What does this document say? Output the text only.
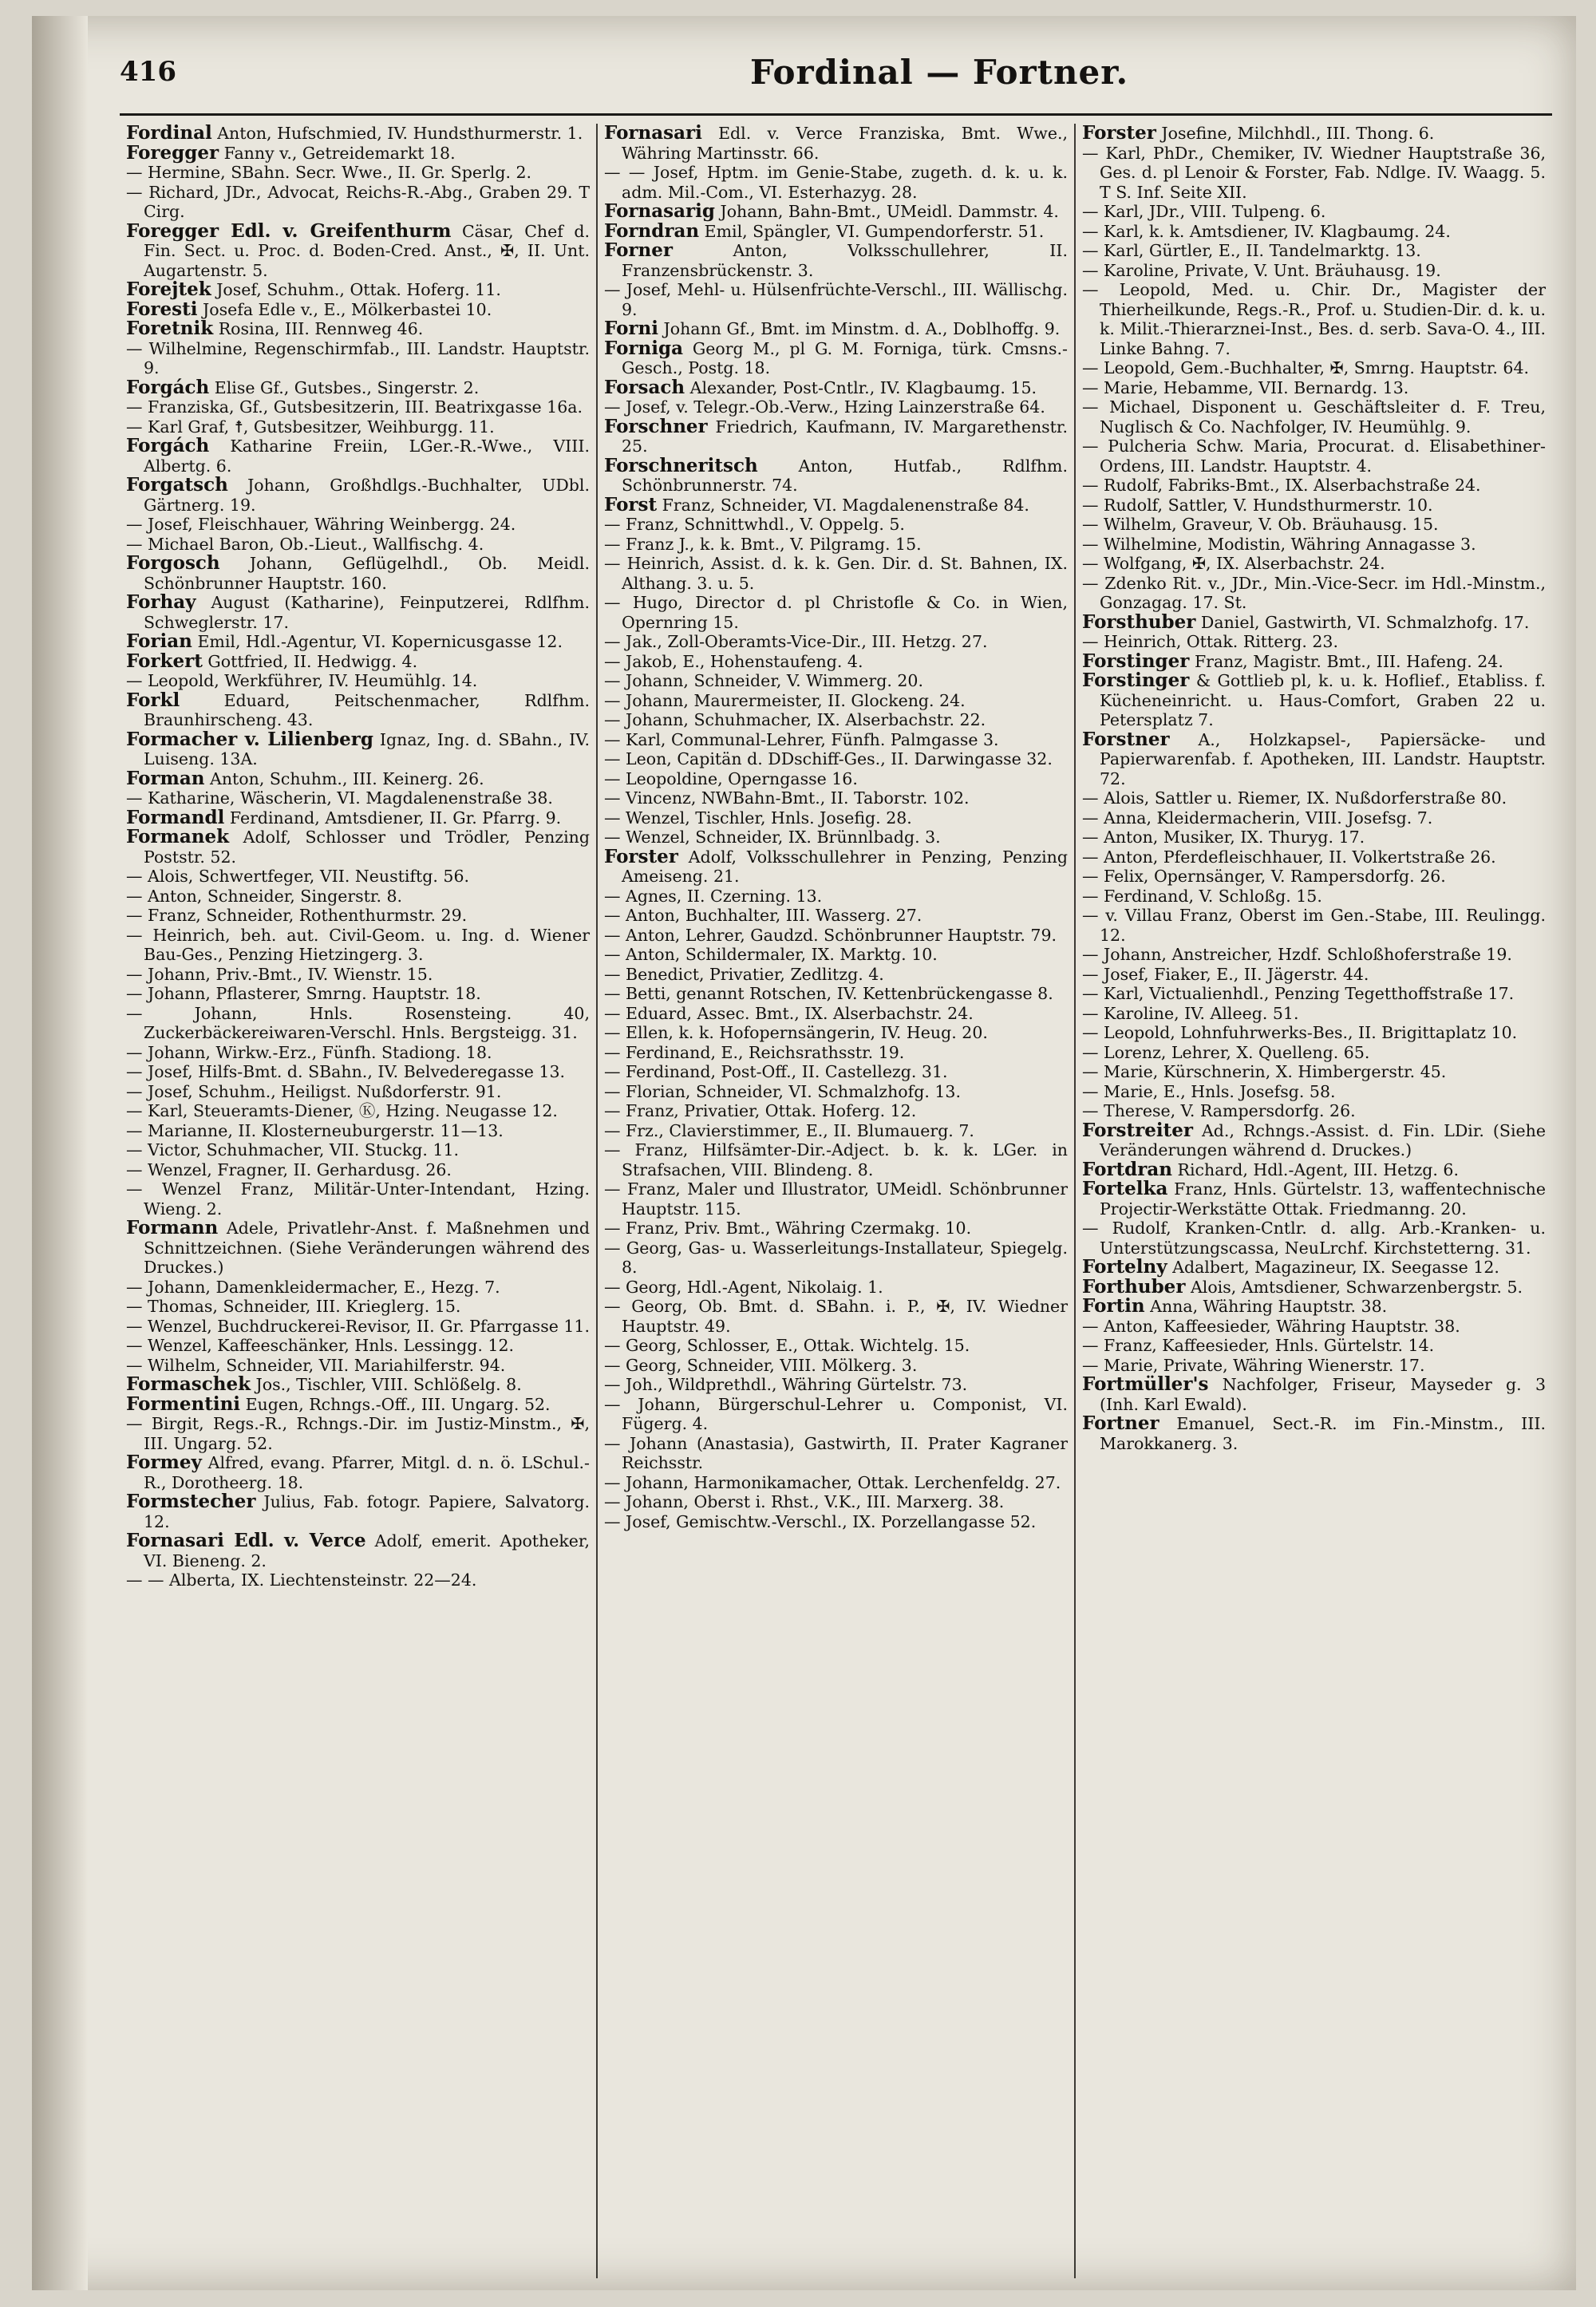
416	Fordinal — Fortner.

Fordinal Anton, Hufschmied, IV. Hundsthurmerstr. 1.

Foregger Fanny v., Getreidemarkt 18.

— Hermine, SBahn. Secr. Wwe., II. Gr. Sperlg. 2.

— Richard, JDr., Advocat, Reichs-R.-Abg., Graben 29. T Cirg.

Foregger Edl. v. Greifenthurm Cäsar, Chef d. Fin. Sect. u. Proc. d. Boden-Cred. Anst., ✠, II. Unt. Augartenstr. 5.

Forejtek Josef, Schuhm., Ottak. Hoferg. 11.

Foresti Josefa Edle v., E., Mölkerbastei 10.

Foretnik Rosina, III. Rennweg 46.

— Wilhelmine, Regenschirmfab., III. Landstr. Hauptstr. 9.

Forgách Elise Gf., Gutsbes., Singerstr. 2.

— Franziska, Gf., Gutsbesitzerin, III. Beatrixgasse 16a.

— Karl Graf, ☨, Gutsbesitzer, Weihburgg. 11.

Forgách Katharine Freiin, LGer.-R.-Wwe., VIII. Albertg. 6.

Forgatsch Johann, Großhdlgs.-Buchhalter, UDbl. Gärtnerg. 19.

— Josef, Fleischhauer, Währing Weinbergg. 24.

— Michael Baron, Ob.-Lieut., Wallfischg. 4.

Forgosch Johann, Geflügelhdl., Ob. Meidl. Schönbrunner Hauptstr. 160.

Forhay August (Katharine), Feinputzerei, Rdlfhm. Schweglerstr. 17.

Forian Emil, Hdl.-Agentur, VI. Kopernicusgasse 12.

Forkert Gottfried, II. Hedwigg. 4.

— Leopold, Werkführer, IV. Heumühlg. 14.

Forkl	Eduard, Peitschenmacher, Rdlfhm. Braunhirscheng. 43.

Formacher v. Lilienberg Ignaz, Ing. d. SBahn., IV. Luiseng. 13A.

Forman Anton, Schuhm., III. Keinerg. 26.

— Katharine, Wäscherin, VI. Magdalenenstraße 38.

Formandl Ferdinand, Amtsdiener, II. Gr. Pfarrg. 9.

Formanek Adolf, Schlosser und Trödler, Penzing Poststr. 52.

— Alois, Schwertfeger, VII. Neustiftg. 56.

— Anton, Schneider, Singerstr. 8.

— Franz, Schneider, Rothenthurmstr. 29.

— Heinrich, beh. aut. Civil-Geom. u. Ing. d. Wiener Bau-Ges., Penzing Hietzingerg. 3.

— Johann, Priv.-Bmt., IV. Wienstr. 15.

— Johann, Pflasterer, Smrng. Hauptstr. 18.

— Johann, Hnls. Rosensteing. 40, Zuckerbäckereiwaren-Verschl. Hnls. Bergsteigg. 31.

— Johann, Wirkw.-Erz., Fünfh. Stadiong. 18.

— Josef, Hilfs-Bmt. d. SBahn., IV. Belvederegasse 13.

— Josef, Schuhm., Heiligst. Nußdorferstr. 91.

— Karl, Steueramts-Diener, Ⓚ, Hzing. Neugasse 12.

— Marianne, II. Klosterneuburgerstr. 11—13.

— Victor, Schuhmacher, VII. Stuckg. 11.

— Wenzel, Fragner, II. Gerhardusg. 26.

— Wenzel Franz, Militär-Unter-Intendant, Hzing. Wieng. 2.

Formann Adele, Privatlehr-Anst. f. Maßnehmen und Schnittzeichnen. (Siehe Veränderungen während des Druckes.)

— Johann, Damenkleidermacher, E., Hezg. 7.

— Thomas, Schneider, III. Krieglerg. 15.

— Wenzel, Buchdruckerei-Revisor, II. Gr. Pfarrgasse 11.

— Wenzel, Kaffeeschänker, Hnls. Lessingg. 12.

— Wilhelm, Schneider, VII. Mariahilferstr. 94.

Formaschek Jos., Tischler, VIII. Schlößelg. 8.

Formentini Eugen, Rchngs.-Off., III. Ungarg. 52.

— Birgit, Regs.-R., Rchngs.-Dir. im Justiz-Minstm., ✠, III. Ungarg. 52.

Formey Alfred, evang. Pfarrer, Mitgl. d. n. ö. LSchul.-R., Dorotheerg. 18.

Formstecher Julius, Fab. fotogr. Papiere, Salvatorg. 12.

Fornasari Edl. v. Verce Adolf, emerit. Apotheker, VI. Bieneng. 2.

— — Alberta, IX. Liechtensteinstr. 22—24.

Fornasari Edl. v. Verce Franziska, Bmt. Wwe., Währing Martinsstr. 66.

— — Josef, Hptm. im Genie-Stabe, zugeth. d. k. u. k. adm. Mil.-Com., VI. Esterhazyg. 28.

Fornasarig Johann, Bahn-Bmt., UMeidl. Dammstr. 4.

Forndran Emil, Spängler, VI. Gumpendorferstr. 51.

Forner	Anton, Volksschullehrer, II. Franzensbrückenstr. 3.

— Josef, Mehl- u. Hülsenfrüchte-Verschl., III. Wällischg. 9.

Forni Johann Gf., Bmt. im Minstm. d. A., Doblhoffg. 9.

Forniga Georg M., pl G. M. Forniga, türk. Cmsns.-Gesch., Postg. 18.

Forsach Alexander, Post-Cntlr., IV. Klagbaumg. 15.

— Josef, v. Telegr.-Ob.-Verw., Hzing Lainzerstraße 64.

Forschner Friedrich, Kaufmann, IV. Margarethenstr. 25.

Forschneritsch Anton, Hutfab., Rdlfhm. Schönbrunnerstr. 74.

Forst Franz, Schneider, VI. Magdalenenstraße 84.

— Franz, Schnittwhdl., V. Oppelg. 5.

— Franz J., k. k. Bmt., V. Pilgramg. 15.

— Heinrich, Assist. d. k. k. Gen. Dir. d. St. Bahnen, IX. Althang. 3. u. 5.

— Hugo, Director d. pl Christofle & Co. in Wien, Opernring 15.

— Jak., Zoll-Oberamts-Vice-Dir., III. Hetzg. 27.

— Jakob, E., Hohenstaufeng. 4.

— Johann, Schneider, V. Wimmerg. 20.

— Johann, Maurermeister, II. Glockeng. 24.

— Johann, Schuhmacher, IX. Alserbachstr. 22.

— Karl, Communal-Lehrer, Fünfh. Palmgasse 3.

— Leon, Capitän d. DDschiff-Ges., II. Darwingasse 32.

— Leopoldine, Operngasse 16.

— Vincenz, NWBahn-Bmt., II. Taborstr. 102.

— Wenzel, Tischler, Hnls. Josefig. 28.

— Wenzel, Schneider, IX. Brünnlbadg. 3.

Forster Adolf, Volksschullehrer in Penzing, Penzing Ameiseng. 21.

— Agnes, II. Czerning. 13.

— Anton, Buchhalter, III. Wasserg. 27.

— Anton, Lehrer, Gaudzd. Schönbrunner Hauptstr. 79.

— Anton, Schildermaler, IX. Marktg. 10.

— Benedict, Privatier, Zedlitzg. 4.

— Betti, genannt Rotschen, IV. Kettenbrückengasse 8.

— Eduard, Assec. Bmt., IX. Alserbachstr. 24.

— Ellen, k. k. Hofopernsängerin, IV. Heug. 20.

— Ferdinand, E., Reichsrathsstr. 19.

— Ferdinand, Post-Off., II. Castellezg. 31.

— Florian, Schneider, VI. Schmalzhofg. 13.

— Franz, Privatier, Ottak. Hoferg. 12.

— Frz., Clavierstimmer, E., II. Blumauerg. 7.

— Franz, Hilfsämter-Dir.-Adject. b. k. k. LGer. in Strafsachen, VIII. Blindeng. 8.

— Franz, Maler und Illustrator, UMeidl. Schönbrunner Hauptstr. 115.

— Franz, Priv. Bmt., Währing Czermakg. 10.

— Georg, Gas- u. Wasserleitungs-Installateur, Spiegelg. 8.

— Georg, Hdl.-Agent, Nikolaig. 1.

— Georg, Ob. Bmt. d. SBahn. i. P., ✠, IV. Wiedner Hauptstr. 49.

— Georg, Schlosser, E., Ottak. Wichtelg. 15.

— Georg, Schneider, VIII. Mölkerg. 3.

— Joh., Wildprethdl., Währing Gürtelstr. 73.

— Johann, Bürgerschul-Lehrer u. Componist, VI. Fügerg. 4.

— Johann (Anastasia), Gastwirth, II. Prater Kagraner Reichsstr.

— Johann, Harmonikamacher, Ottak. Lerchenfeldg. 27.

— Johann, Oberst i. Rhst., V.K., III. Marxerg. 38.

— Josef, Gemischtw.-Verschl., IX. Porzellangasse 52.

Forster Josefine, Milchhdl., III. Thong. 6.

— Karl, PhDr., Chemiker, IV. Wiedner Hauptstraße 36, Ges. d. pl Lenoir & Forster, Fab. Ndlge. IV. Waagg. 5. T S. Inf. Seite XII.

— Karl, JDr., VIII. Tulpeng. 6.

— Karl, k. k. Amtsdiener, IV. Klagbaumg. 24.

— Karl, Gürtler, E., II. Tandelmarktg. 13.

— Karoline, Private, V. Unt. Bräuhausg. 19.

— Leopold, Med. u. Chir. Dr., Magister der Thierheilkunde, Regs.-R., Prof. u. Studien-Dir. d. k. u. k. Milit.-Thierarznei-Inst., Bes. d. serb. Sava-O. 4., III. Linke Bahng. 7.

— Leopold, Gem.-Buchhalter, ✠, Smrng. Hauptstr. 64.

— Marie, Hebamme, VII. Bernardg. 13.

— Michael, Disponent u. Geschäftsleiter d. F. Treu, Nuglisch & Co. Nachfolger, IV. Heumühlg. 9.

— Pulcheria Schw. Maria, Procurat. d. Elisabethiner-Ordens, III. Landstr. Hauptstr. 4.

— Rudolf, Fabriks-Bmt., IX. Alserbachstraße 24.

— Rudolf, Sattler, V. Hundsthurmerstr. 10.

— Wilhelm, Graveur, V. Ob. Bräuhausg. 15.

— Wilhelmine, Modistin, Währing Annagasse 3.

— Wolfgang, ✠, IX. Alserbachstr. 24.

— Zdenko Rit. v., JDr., Min.-Vice-Secr. im Hdl.-Minstm., Gonzagag. 17. St.

Forsthuber Daniel, Gastwirth, VI. Schmalzhofg. 17.

— Heinrich, Ottak. Ritterg. 23.

Forstinger Franz, Magistr. Bmt., III. Hafeng. 24.

Forstinger & Gottlieb pl, k. u. k. Hoflief., Etabliss. f. Kücheneinricht. u. Haus-Comfort, Graben 22 u. Petersplatz 7.

Forstner A., Holzkapsel-, Papiersäcke- und Papierwarenfab. f. Apotheken, III. Landstr. Hauptstr. 72.

— Alois, Sattler u. Riemer, IX. Nußdorferstraße 80.

— Anna, Kleidermacherin, VIII. Josefsg. 7.

— Anton, Musiker, IX. Thuryg. 17.

— Anton, Pferdefleischhauer, II. Volkertstraße 26.

— Felix, Opernsänger, V. Rampersdorfg. 26.

— Ferdinand, V. Schloßg. 15.

— v. Villau Franz, Oberst im Gen.-Stabe, III. Reulingg. 12.

— Johann, Anstreicher, Hzdf. Schloßhoferstraße 19.

— Josef, Fiaker, E., II. Jägerstr. 44.

— Karl, Victualienhdl., Penzing Tegetthoffstraße 17.

— Karoline, IV. Alleeg. 51.

— Leopold, Lohnfuhrwerks-Bes., II. Brigittaplatz 10.

— Lorenz, Lehrer, X. Quelleng. 65.

— Marie, Kürschnerin, X. Himbergerstr. 45.

— Marie, E., Hnls. Josefsg. 58.

— Therese, V. Rampersdorfg. 26.

Forstreiter Ad., Rchngs.-Assist. d. Fin. LDir. (Siehe Veränderungen während d. Druckes.)

Fortdran Richard, Hdl.-Agent, III. Hetzg. 6.

Fortelka Franz, Hnls. Gürtelstr. 13, waffentechnische Projectir-Werkstätte Ottak. Friedmanng. 20.

— Rudolf, Kranken-Cntlr. d. allg. Arb.-Kranken- u. Unterstützungscassa, NeuLrchf. Kirchstetterng. 31.

Fortelny Adalbert, Magazineur, IX. Seegasse 12.

Forthuber Alois, Amtsdiener, Schwarzenbergstr. 5.

Fortin Anna, Währing Hauptstr. 38.

— Anton, Kaffeesieder, Währing Hauptstr. 38.

— Franz, Kaffeesieder, Hnls. Gürtelstr. 14.

— Marie, Private, Währing Wienerstr. 17.

Fortmüller's Nachfolger, Friseur, Mayseder g. 3 (Inh. Karl Ewald).

Fortner Emanuel, Sect.-R. im Fin.-Minstm., III. Marokkanerg. 3.
